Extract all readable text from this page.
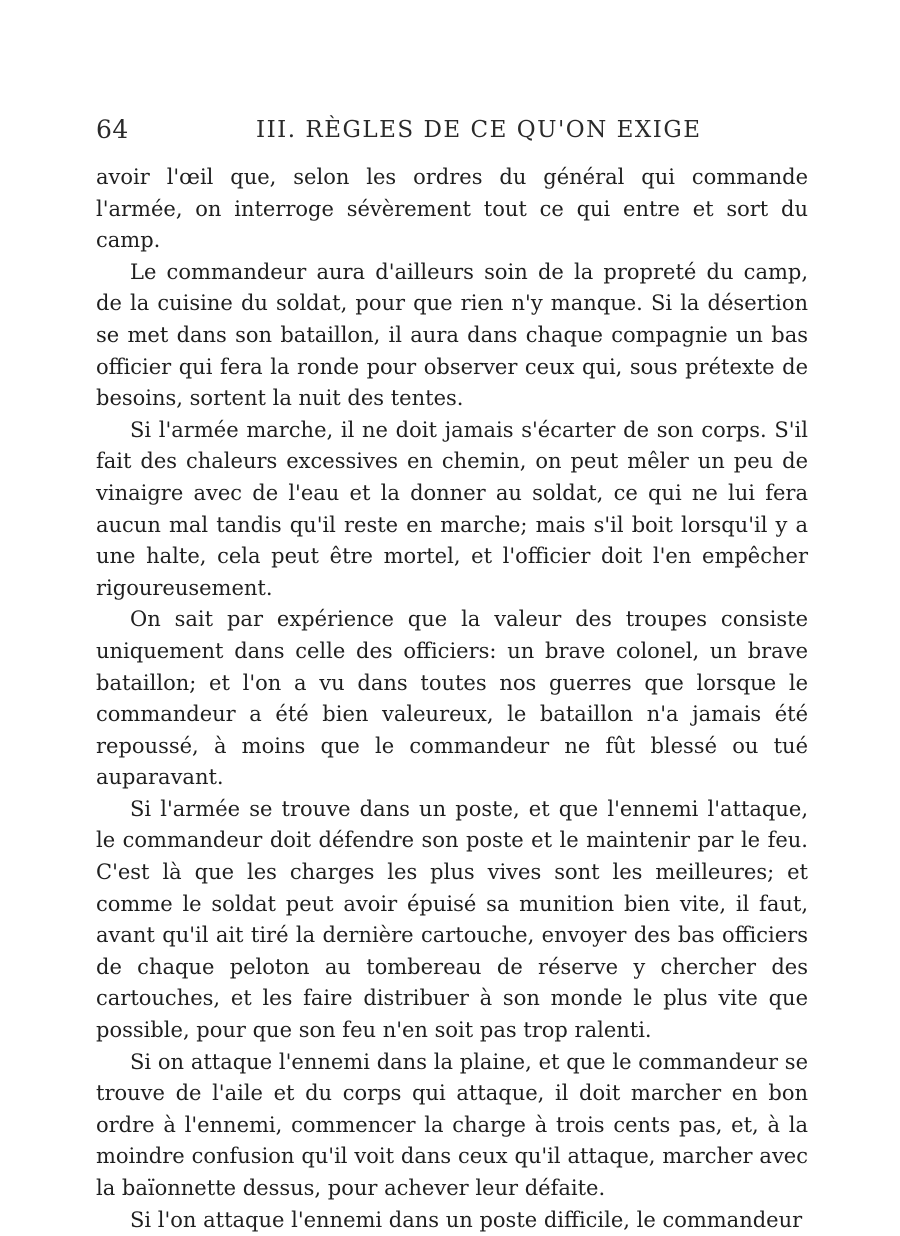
64	III. RÈGLES DE CE QU'ON EXIGE

avoir l'œil que, selon les ordres du général qui commande l'armée, on interroge sévèrement tout ce qui entre et sort du camp.

Le commandeur aura d'ailleurs soin de la propreté du camp, de la cuisine du soldat, pour que rien n'y manque. Si la désertion se met dans son bataillon, il aura dans chaque compagnie un bas officier qui fera la ronde pour observer ceux qui, sous prétexte de besoins, sortent la nuit des tentes.

Si l'armée marche, il ne doit jamais s'écarter de son corps. S'il fait des chaleurs excessives en chemin, on peut mêler un peu de vinaigre avec de l'eau et la donner au soldat, ce qui ne lui fera aucun mal tandis qu'il reste en marche; mais s'il boit lorsqu'il y a une halte, cela peut être mortel, et l'officier doit l'en empêcher rigoureusement.

On sait par expérience que la valeur des troupes consiste uniquement dans celle des officiers: un brave colonel, un brave bataillon; et l'on a vu dans toutes nos guerres que lorsque le commandeur a été bien valeureux, le bataillon n'a jamais été repoussé, à moins que le commandeur ne fût blessé ou tué auparavant.

Si l'armée se trouve dans un poste, et que l'ennemi l'attaque, le commandeur doit défendre son poste et le maintenir par le feu. C'est là que les charges les plus vives sont les meilleures; et comme le soldat peut avoir épuisé sa munition bien vite, il faut, avant qu'il ait tiré la dernière cartouche, envoyer des bas officiers de chaque peloton au tombereau de réserve y chercher des cartouches, et les faire distribuer à son monde le plus vite que possible, pour que son feu n'en soit pas trop ralenti.

Si on attaque l'ennemi dans la plaine, et que le commandeur se trouve de l'aile et du corps qui attaque, il doit marcher en bon ordre à l'ennemi, commencer la charge à trois cents pas, et, à la moindre confusion qu'il voit dans ceux qu'il attaque, marcher avec la baïonnette dessus, pour achever leur défaite.

Si l'on attaque l'ennemi dans un poste difficile, le commandeur
